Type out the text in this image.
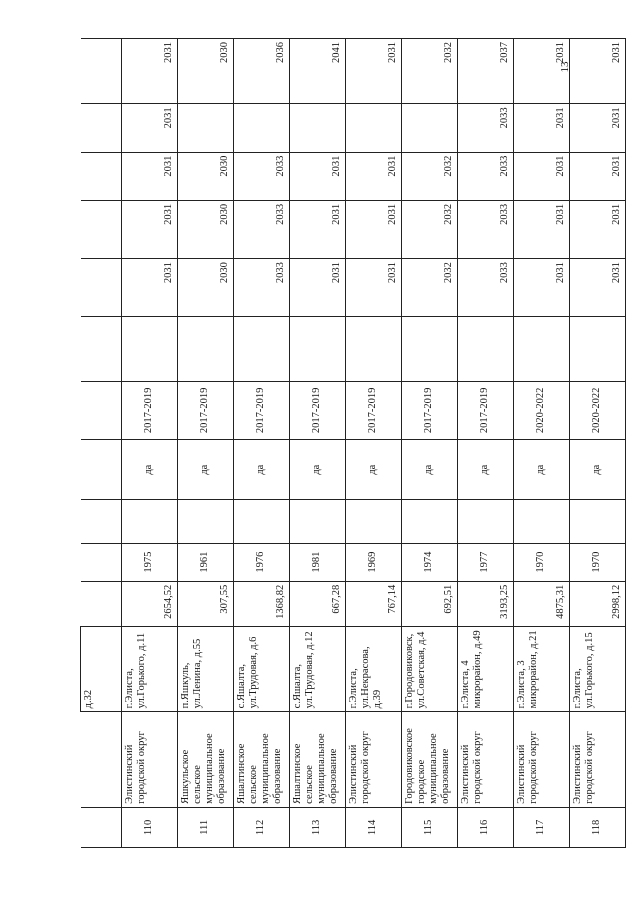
13
		д.32											
110	Элистинский городской округ	г.Элиста, ул.Горького, д.11	2654,52	1975		да	2017-2019		2031	2031	2031	2031	2031
111	Яшкульское сельское муниципальное образование	п.Яшкуль, ул.Ленина, д.55	307,55	1961		да	2017-2019		2030	2030	2030		2030
112	Яшалтинское сельское муниципальное образование	с.Яшалта, ул.Трудовая, д.6	1368,82	1976		да	2017-2019		2033	2033	2033		2036
113	Яшалтинское сельское муниципальное образование	с.Яшалта, ул.Трудовая, д.12	667,28	1981		да	2017-2019		2031	2031	2031		2041
114	Элистинский городской округ	г.Элиста, ул.Некрасова, д.39	767,14	1969		да	2017-2019		2031	2031	2031		2031
115	Городовиковское городское муниципальное образование	г.Городовиковск, ул.Советская, д.4	692,51	1974		да	2017-2019		2032	2032	2032		2032
116	Элистинский городской округ	г.Элиста, 4 микрорайон, д.49	3193,25	1977		да	2017-2019		2033	2033	2033	2033	2037
117	Элистинский городской округ	г.Элиста, 3 микрорайон, д.21	4875,31	1970		да	2020-2022		2031	2031	2031	2031	2031
118	Элистинский городской округ	г.Элиста, ул.Горького, д.15	2998,12	1970		да	2020-2022		2031	2031	2031	2031	2031
